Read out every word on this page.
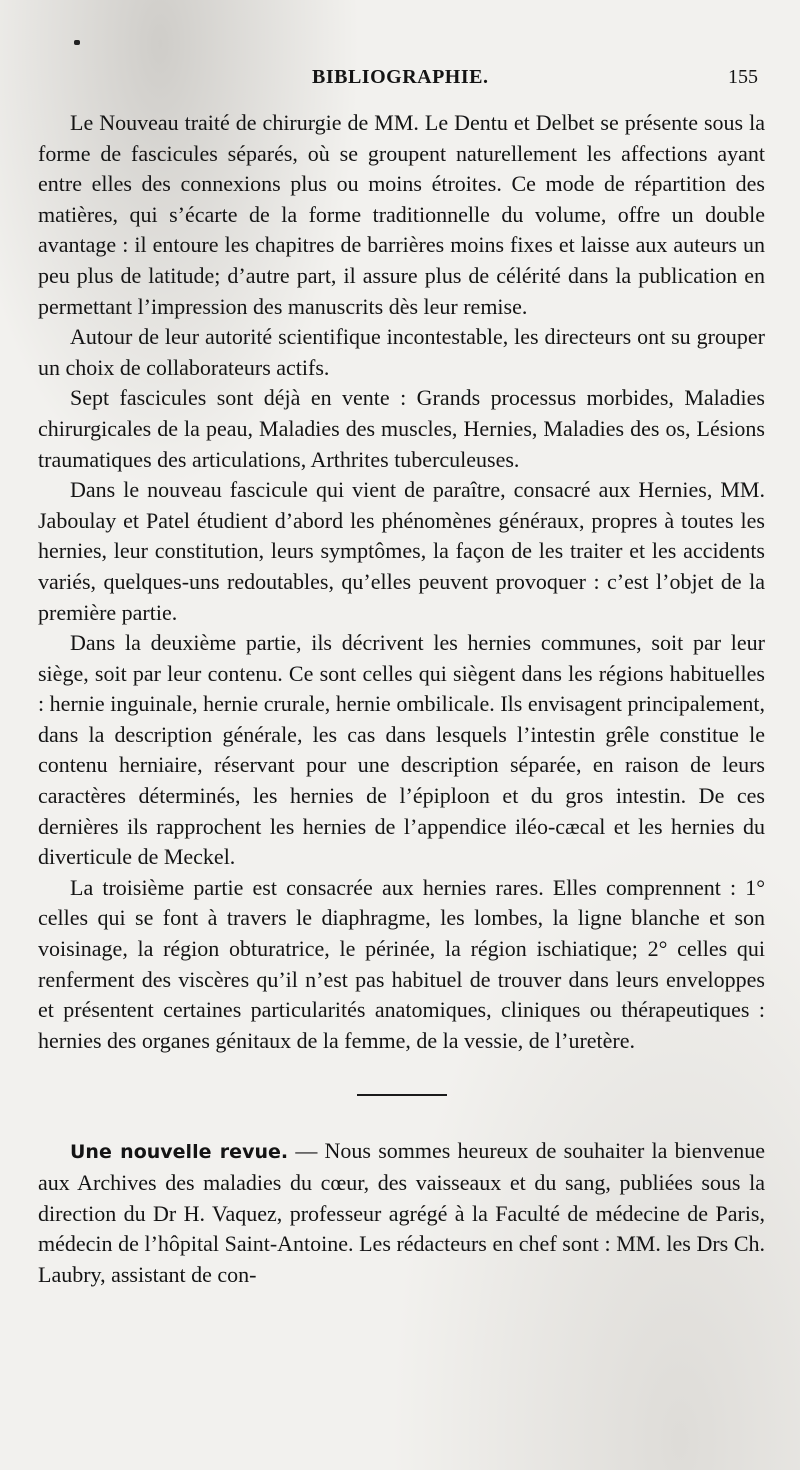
BIBLIOGRAPHIE.	155

Le Nouveau traité de chirurgie de MM. Le Dentu et Delbet se présente sous la forme de fascicules séparés, où se groupent naturellement les affections ayant entre elles des connexions plus ou moins étroites. Ce mode de répartition des matières, qui s’écarte de la forme traditionnelle du volume, offre un double avantage : il entoure les chapitres de barrières moins fixes et laisse aux auteurs un peu plus de latitude; d’autre part, il assure plus de célérité dans la publication en permettant l’impression des manuscrits dès leur remise.

Autour de leur autorité scientifique incontestable, les directeurs ont su grouper un choix de collaborateurs actifs.

Sept fascicules sont déjà en vente : Grands processus morbides, Maladies chirurgicales de la peau, Maladies des muscles, Hernies, Maladies des os, Lésions traumatiques des articulations, Arthrites tuberculeuses.

Dans le nouveau fascicule qui vient de paraître, consacré aux Hernies, MM. Jaboulay et Patel étudient d’abord les phénomènes généraux, propres à toutes les hernies, leur constitution, leurs symptômes, la façon de les traiter et les accidents variés, quelques-uns redoutables, qu’elles peuvent provoquer : c’est l’objet de la première partie.

Dans la deuxième partie, ils décrivent les hernies communes, soit par leur siège, soit par leur contenu. Ce sont celles qui siègent dans les régions habituelles : hernie inguinale, hernie crurale, hernie ombilicale. Ils envisagent principalement, dans la description générale, les cas dans lesquels l’intestin grêle constitue le contenu herniaire, réservant pour une description séparée, en raison de leurs caractères déterminés, les hernies de l’épiploon et du gros intestin. De ces dernières ils rapprochent les hernies de l’appendice iléo-cæcal et les hernies du diverticule de Meckel.

La troisième partie est consacrée aux hernies rares. Elles comprennent : 1° celles qui se font à travers le diaphragme, les lombes, la ligne blanche et son voisinage, la région obturatrice, le périnée, la région ischiatique; 2° celles qui renferment des viscères qu’il n’est pas habituel de trouver dans leurs enveloppes et présentent certaines particularités anatomiques, cliniques ou thérapeutiques : hernies des organes génitaux de la femme, de la vessie, de l’uretère.

Une nouvelle revue. — Nous sommes heureux de souhaiter la bienvenue aux Archives des maladies du cœur, des vaisseaux et du sang, publiées sous la direction du Dr H. Vaquez, professeur agrégé à la Faculté de médecine de Paris, médecin de l’hôpital Saint-Antoine. Les rédacteurs en chef sont : MM. les Drs Ch. Laubry, assistant de con-
